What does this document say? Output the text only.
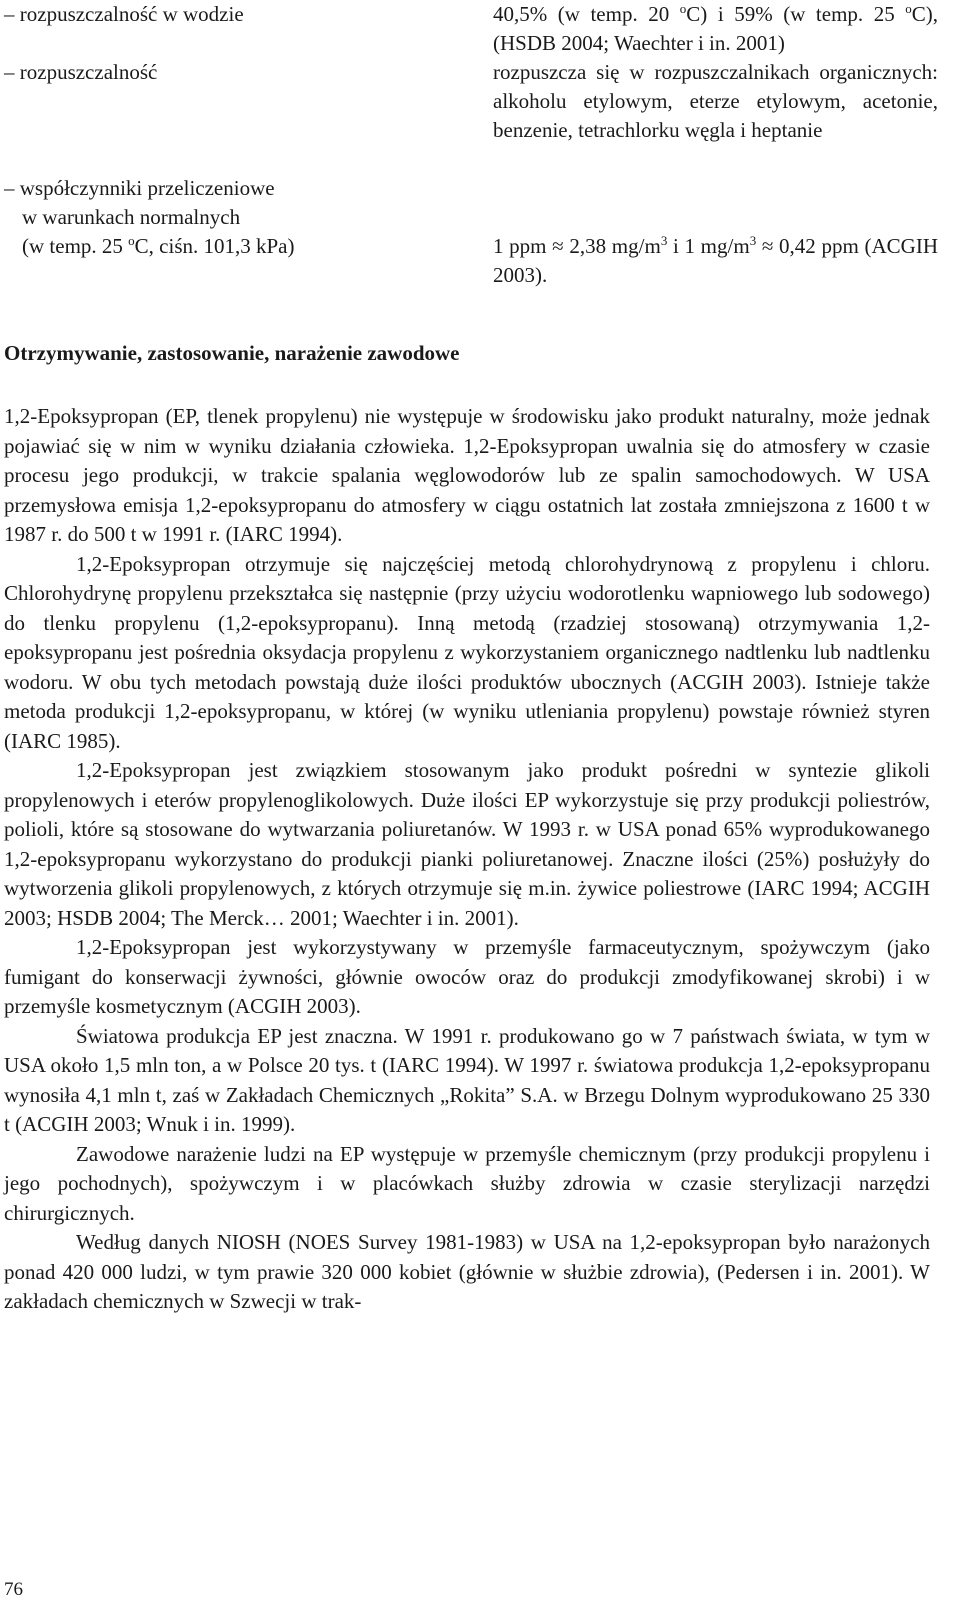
– rozpuszczalność w wodzie	40,5% (w temp. 20 $^o$C) i 59% (w temp. 25 $^o$C), (HSDB 2004; Waechter i in. 2001)
– rozpuszczalność	rozpuszcza się w rozpuszczalnikach organicznych: alkoholu etylowym, eterze etylowym, acetonie, benzenie, tetrachlorku węgla i heptanie
– współczynniki przeliczeniowe
w warunkach normalnych
(w temp. 25 $^o$C, ciśn. 101,3 kPa)	1 ppm ≈ 2,38 $mg/m^3$ i 1 $mg/m^3 \approx 0,42$ ppm (ACGIH 2003).
Otrzymywanie, zastosowanie, narażenie zawodowe

1,2-Epoksypropan (EP, tlenek propylenu) nie występuje w środowisku jako produkt naturalny, może jednak pojawiać się w nim w wyniku działania człowieka. 1,2-Epoksypropan uwalnia się do atmosfery w czasie procesu jego produkcji, w trakcie spalania węglowodorów lub ze spalin samochodowych. W USA przemysłowa emisja 1,2-epoksypropanu do atmosfery w ciągu ostatnich lat została zmniejszona z 1600 t w 1987 r. do 500 t w 1991 r. (IARC 1994).

1,2-Epoksypropan otrzymuje się najczęściej metodą chlorohydrynową z propylenu i chloru. Chlorohydrynę propylenu przekształca się następnie (przy użyciu wodorotlenku wapniowego lub sodowego) do tlenku propylenu (1,2-epoksypropanu). Inną metodą (rzadziej stosowaną) otrzymywania 1,2-epoksypropanu jest pośrednia oksydacja propylenu z wykorzystaniem organicznego nadtlenku lub nadtlenku wodoru. W obu tych metodach powstają duże ilości produktów ubocznych (ACGIH 2003). Istnieje także metoda produkcji 1,2-epoksypropanu, w której (w wyniku utleniania propylenu) powstaje również styren (IARC 1985).

1,2-Epoksypropan jest związkiem stosowanym jako produkt pośredni w syntezie glikoli propylenowych i eterów propylenoglikolowych. Duże ilości EP wykorzystuje się przy produkcji poliestrów, polioli, które są stosowane do wytwarzania poliuretanów. W 1993 r. w USA ponad 65% wyprodukowanego 1,2-epoksypropanu wykorzystano do produkcji pianki poliuretanowej. Znaczne ilości (25%) posłużyły do wytworzenia glikoli propylenowych, z których otrzymuje się m.in. żywice poliestrowe (IARC 1994; ACGIH 2003; HSDB 2004; The Merck… 2001; Waechter i in. 2001).

1,2-Epoksypropan jest wykorzystywany w przemyśle farmaceutycznym, spożywczym (jako fumigant do konserwacji żywności, głównie owoców oraz do produkcji zmodyfikowanej skrobi) i w przemyśle kosmetycznym (ACGIH 2003).

Światowa produkcja EP jest znaczna. W 1991 r. produkowano go w 7 państwach świata, w tym w USA około 1,5 mln ton, a w Polsce 20 tys. t (IARC 1994). W 1997 r. światowa produkcja 1,2-epoksypropanu wynosiła 4,1 mln t, zaś w Zakładach Chemicznych „Rokita” S.A. w Brzegu Dolnym wyprodukowano 25 330 t (ACGIH 2003; Wnuk i in. 1999).

Zawodowe narażenie ludzi na EP występuje w przemyśle chemicznym (przy produkcji propylenu i jego pochodnych), spożywczym i w placówkach służby zdrowia w czasie sterylizacji narzędzi chirurgicznych.

Według danych NIOSH (NOES Survey 1981-1983) w USA na 1,2-epoksypropan było narażonych ponad 420 000 ludzi, w tym prawie 320 000 kobiet (głównie w służbie zdrowia), (Pedersen i in. 2001). W zakładach chemicznych w Szwecji w trak-

76
